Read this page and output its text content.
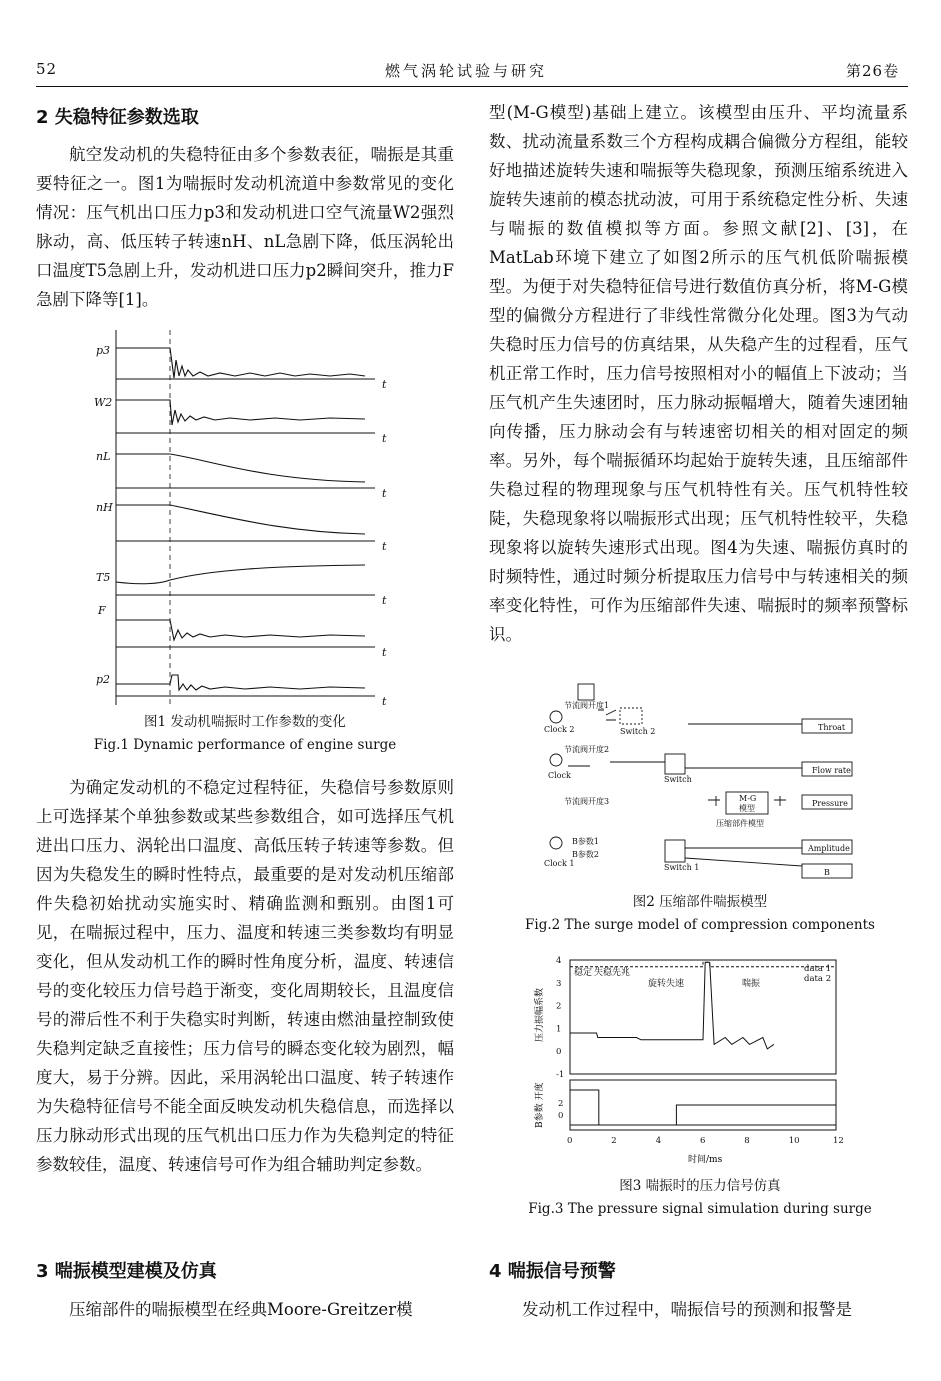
52	燃气涡轮试验与研究	第26卷
2 失稳特征参数选取

航空发动机的失稳特征由多个参数表征，喘振是其重要特征之一。图1为喘振时发动机流道中参数常见的变化情况：压气机出口压力p3和发动机进口空气流量W2强烈脉动，高、低压转子转速nH、nL急剧下降，低压涡轮出口温度T5急剧上升，发动机进口压力p2瞬间突升，推力F急剧下降等[1]。

p3
W2
nL
nH
T5
F
p2
t
t
t
t
t
t
t
图1 发动机喘振时工作参数的变化
Fig.1 Dynamic performance of engine surge

为确定发动机的不稳定过程特征，失稳信号参数原则上可选择某个单独参数或某些参数组合，如可选择压气机进出口压力、涡轮出口温度、高低压转子转速等参数。但因为失稳发生的瞬时性特点，最重要的是对发动机压缩部件失稳初始扰动实施实时、精确监测和甄别。由图1可见，在喘振过程中，压力、温度和转速三类参数均有明显变化，但从发动机工作的瞬时性角度分析，温度、转速信号的变化较压力信号趋于渐变，变化周期较长，且温度信号的滞后性不利于失稳实时判断，转速由燃油量控制致使失稳判定缺乏直接性；压力信号的瞬态变化较为剧烈，幅度大，易于分辨。因此，采用涡轮出口温度、转子转速作为失稳特征信号不能全面反映发动机失稳信息，而选择以压力脉动形式出现的压气机出口压力作为失稳判定的特征参数较佳，温度、转速信号可作为组合辅助判定参数。

3 喘振模型建模及仿真

压缩部件的喘振模型在经典Moore-Greitzer模

型(M-G模型)基础上建立。该模型由压升、平均流量系数、扰动流量系数三个方程构成耦合偏微分方程组，能较好地描述旋转失速和喘振等失稳现象，预测压缩系统进入旋转失速前的模态扰动波，可用于系统稳定性分析、失速与喘振的数值模拟等方面。参照文献[2]、[3]，在MatLab环境下建立了如图2所示的压气机低阶喘振模型。为便于对失稳特征信号进行数值仿真分析，将M-G模型的偏微分方程进行了非线性常微分化处理。图3为气动失稳时压力信号的仿真结果，从失稳产生的过程看，压气机正常工作时，压力信号按照相对小的幅值上下波动；当压气机产生失速团时，压力脉动振幅增大，随着失速团轴向传播，压力脉动会有与转速密切相关的相对固定的频率。另外，每个喘振循环均起始于旋转失速，且压缩部件失稳过程的物理现象与压气机特性有关。压气机特性较陡，失稳现象将以喘振形式出现；压气机特性较平，失稳现象将以旋转失速形式出现。图4为失速、喘振仿真时的时频特性，通过时频分析提取压力信号中与转速相关的频率变化特性，可作为压缩部件失速、喘振时的频率预警标识。

节流阀开度1
Clock 2	Switch 2
节流阀开度2
Clock	Switch
节流阀开度3	M-G
模型
压缩部件模型
B参数1
B参数2
Clock 1	Switch 1
Throat
Flow rate
Pressure
Amplitude
B
图2 压缩部件喘振模型
Fig.2 The surge model of compression components
压力振幅系数
B参数 开度
时间/ms
稳定 失稳先兆
旋转失速	喘振
data 1
data 2
0	2	4	6	8	10	12
4
3
2
1
0
-1
0
2
图3 喘振时的压力信号仿真
Fig.3 The pressure signal simulation during surge
4 喘振信号预警

发动机工作过程中，喘振信号的预测和报警是
